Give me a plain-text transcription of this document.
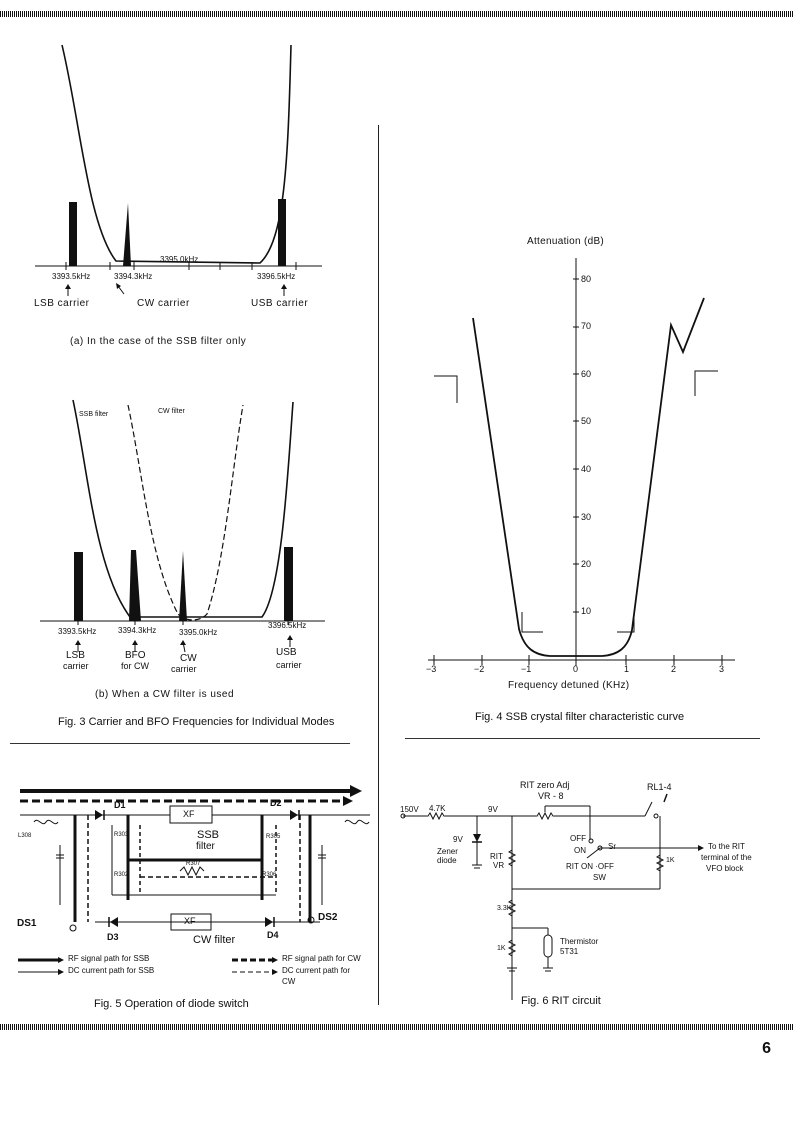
3395.0kHz
3393.5kHz	3394.3kHz	3396.5kHz
LSB carrier	CW carrier	USB carrier
(a) In the case of the SSB filter only
SSB filter	CW filter
3393.5kHz	3394.3kHz	3395.0kHz
3396.5kHz
LSB
carrier
BFO
for CW
CW
carrier
USB
carrier
(b) When a CW filter is used
Fig. 3 Carrier and BFO Frequencies for Individual Modes
Attenuation (dB)
80
70
60
50
40
30
20
10
−3	−2	−1	0	1	2	3
Frequency detuned (KHz)
Fig. 4 SSB crystal filter characteristic curve
D1	D2
D3	D4
XF
XF
SSB
filter
CW filter
DS1
DS2
L308	R303	R305
R307
R302	R306
RF signal path for SSB
DC current path for SSB
RF signal path for CW
DC current path for
CW
Fig. 5 Operation of diode switch
150V 4.7K	9V
RIT zero Adj
VR - 8
RL1-4
9V
Zener
diode
OFF
ON	Sr
RIT
VR	RIT ON ·OFF
SW
1K
3.3K
1K
Thermistor
5T31
To the RIT
terminal of the
VFO block
Fig. 6 RIT circuit
6
